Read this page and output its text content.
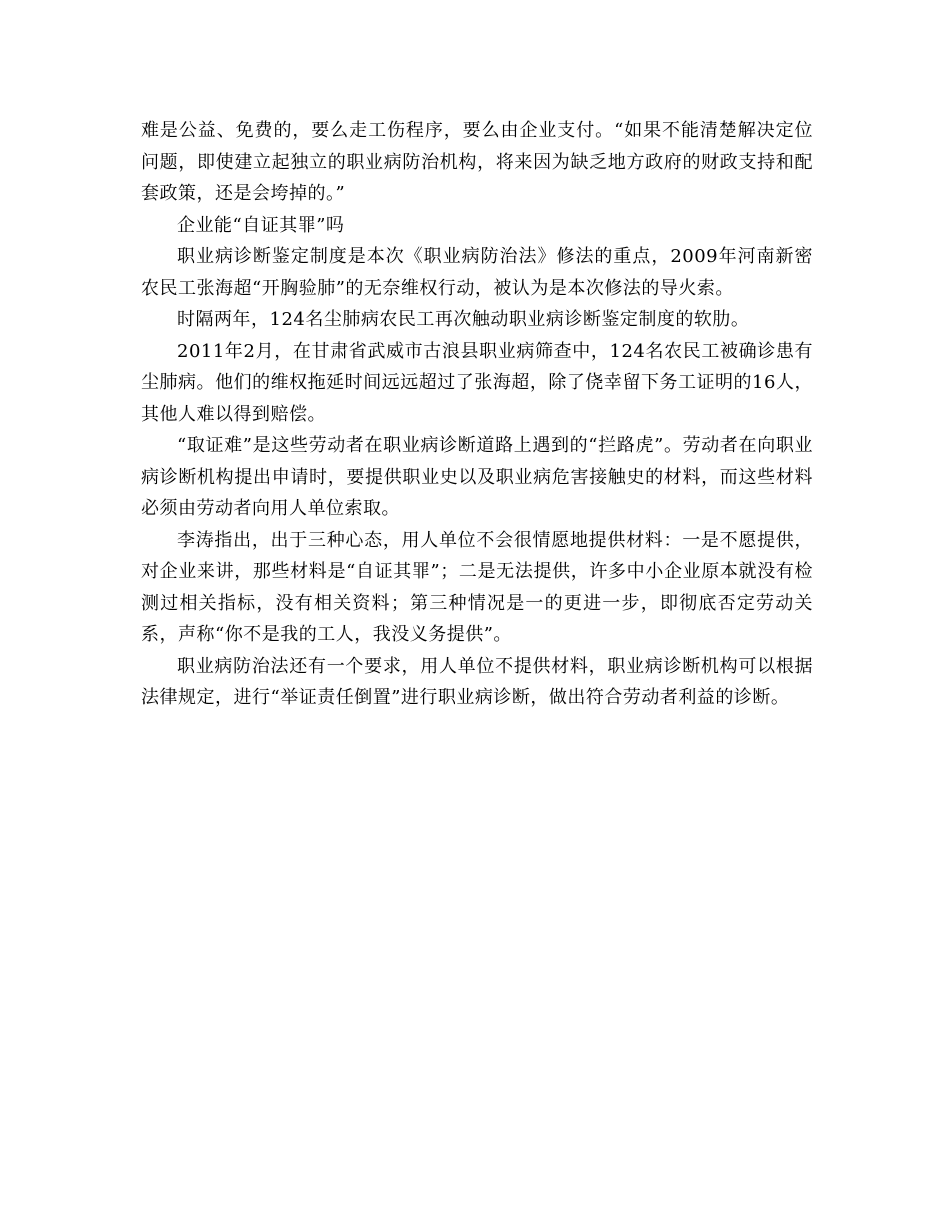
难是公益、免费的，要么走工伤程序，要么由企业支付。“如果不能清楚解决定位问题，即使建立起独立的职业病防治机构，将来因为缺乏地方政府的财政支持和配套政策，还是会垮掉的。”

企业能“自证其罪”吗

职业病诊断鉴定制度是本次《职业病防治法》修法的重点，2009年河南新密农民工张海超“开胸验肺”的无奈维权行动，被认为是本次修法的导火索。

时隔两年，124名尘肺病农民工再次触动职业病诊断鉴定制度的软肋。

2011年2月，在甘肃省武威市古浪县职业病筛查中，124名农民工被确诊患有尘肺病。他们的维权拖延时间远远超过了张海超，除了侥幸留下务工证明的16人，其他人难以得到赔偿。

“取证难”是这些劳动者在职业病诊断道路上遇到的“拦路虎”。劳动者在向职业病诊断机构提出申请时，要提供职业史以及职业病危害接触史的材料，而这些材料必须由劳动者向用人单位索取。

李涛指出，出于三种心态，用人单位不会很情愿地提供材料：一是不愿提供，对企业来讲，那些材料是“自证其罪”；二是无法提供，许多中小企业原本就没有检测过相关指标，没有相关资料；第三种情况是一的更进一步，即彻底否定劳动关系，声称“你不是我的工人，我没义务提供”。

职业病防治法还有一个要求，用人单位不提供材料，职业病诊断机构可以根据法律规定，进行“举证责任倒置”进行职业病诊断，做出符合劳动者利益的诊断。
